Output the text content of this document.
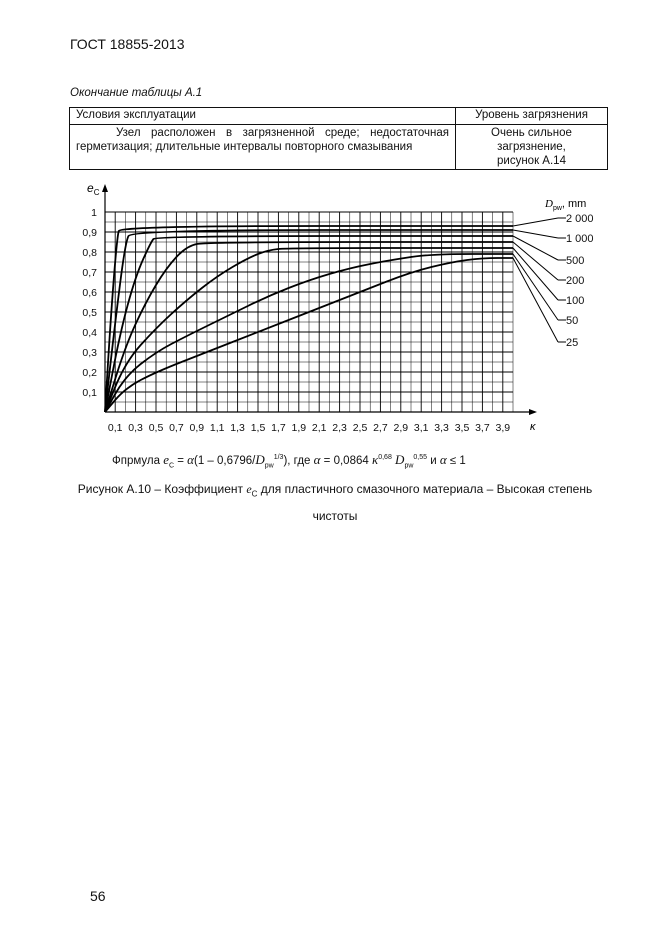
ГОСТ 18855-2013
Окончание таблицы А.1
Условия эксплуатации	Уровень загрязнения
Узел расположен в загрязненной среде; недостаточная герметизация; длительные интервалы повторного смазывания	Очень сильное
загрязнение,
рисунок А.14
0,1 0,3 0,5 0,7 0,9 1,1 1,3 1,5 1,7 1,9 2,1 2,3 2,5 2,7 2,9 3,1 3,3 3,5 3,7 3,9
0,1
0,2
0,3
0,4
0,5
0,6
0,7
0,8
0,9
1	2 000
1 000
500
200
100
50
25
$e_C$
κ
$D_{pw}$, mm
Фпрмула $e_C = \alpha(1 - 0,6796/D_{pw}^{1/3})$, где α = 0,0864 $\kappa^{0,68}$ $D_{pw}^{0,55}$ и α ≤ 1
Рисунок А.10 – Коэффициент $e_C$ для пластичного смазочного материала – Высокая степень чистоты
56
